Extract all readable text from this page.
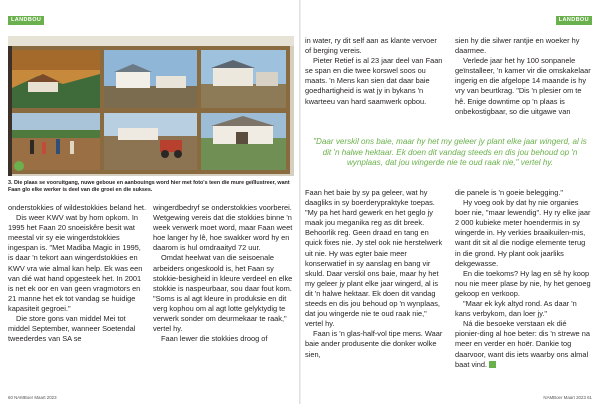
LANDBOU	LANDBOU

3. Die plaas se vooruitgang, nuwe geboue en aanbouings word hier met foto's teen die mure geïllustreer, want Faan glo elke werker is deel van die groei en die sukses.

onderstokkies of wildestokkies beland het.

Dis weer KWV wat by hom opkom. In 1995 het Faan 20 snoeiskêre besit wat meestal vir sy eie wingerdstokkies ingespan is. "Met Madiba Magic in 1995, is daar 'n tekort aan wingerdstokkies en KWV vra wie almal kan help. Ek was een van dié wat hand opgesteek het. In 2001 is net ek oor en van geen vragmotors en 21 manne het ek tot vandag se huidige kapasiteit gegroei."

Die store gons van middel Mei tot middel September, wanneer Soetendal tweederdes van SA se

wingerdbedryf se onderstokkies voorberei. Wetgewing vereis dat die stokkies binne 'n week verwerk moet word, maar Faan weet hoe langer hy lê, hoe swakker word hy en daarom is hul omdraaityd 72 uur.

Omdat heelwat van die seisoenale arbeiders ongeskoold is, het Faan sy stokkie-besigheid in kleure verdeel en elke stokkie is naspeurbaar, sou daar fout kom. "Soms is al agt kleure in produksie en dit verg kophou om al agt lotte gelyktydig te verwerk sonder om deurmekaar te raak," vertel hy.

Faan lewer die stokkies droog of

in water, ry dit self aan as klante vervoer of berging vereis.

Pieter Retief is al 23 jaar deel van Faan se span en die twee korswel soos ou maats. 'n Mens kan sien dat daar baie goedhartigheid is wat jy in bykans 'n kwarteeu van hard saamwerk opbou.

sien hy die silwer rantjie en woeker hy daarmee.

Verlede jaar het hy 100 sonpanele geïnstalleer, 'n kamer vir die omskakelaar ingerig en die afgelope 14 maande is hy vry van beurtkrag. "Dis 'n plesier om te hê. Enige downtime op 'n plaas is onbekostigbaar, so die uitgawe van

"Daar verskil ons baie, maar hy het my geleer jy plant elke jaar wingerd, al is dit 'n halwe hektaar. Ek doen dit vandag steeds en dis jou behoud op 'n wynplaas, dat jou wingerde nie te oud raak nie," vertel hy.

Faan het baie by sy pa geleer, wat hy daagliks in sy boerderypraktyke toepas. "My pa het hard gewerk en het geglo jy maak jou meganika reg as dit breek. Behoorlik reg. Geen draad en tang en quick fixes nie. Jy stel ook nie herstelwerk uit nie. Hy was egter baie meer konserwatief in sy aanslag en bang vir skuld. Daar verskil ons baie, maar hy het my geleer jy plant elke jaar wingerd, al is dit 'n halwe hektaar. Ek doen dit vandag steeds en dis jou behoud op 'n wynplaas, dat jou wingerde nie te oud raak nie," vertel hy.

Faan is 'n glas-half-vol tipe mens. Waar baie ander produsente die donker wolke sien,

die panele is 'n goeie belegging."

Hy voeg ook by dat hy nie organies boer nie, "maar lewendig". Hy ry elke jaar 2 000 kubieke meter hoendermis in sy wingerde in. Hy verkies braaikuilen-mis, want dit sit al die nodige elemente terug in die grond. Hy plant ook jaarliks dekgewasse.

En die toekoms? Hy lag en sê hy koop nou nie meer plase by nie, hy het genoeg gekoop en verkoop.

"Maar ek kyk altyd rond. As daar 'n kans verbykom, dan loer jy."

Ná die besoeke verstaan ek dié pionier-ding al hoe beter: dis 'n strewe na meer en verder en hoër. Dankie tog daarvoor, want dis iets waarby ons almal baat vind.

60 NAMBoer Maart 2023	NAMBoer Maart 2023 61
